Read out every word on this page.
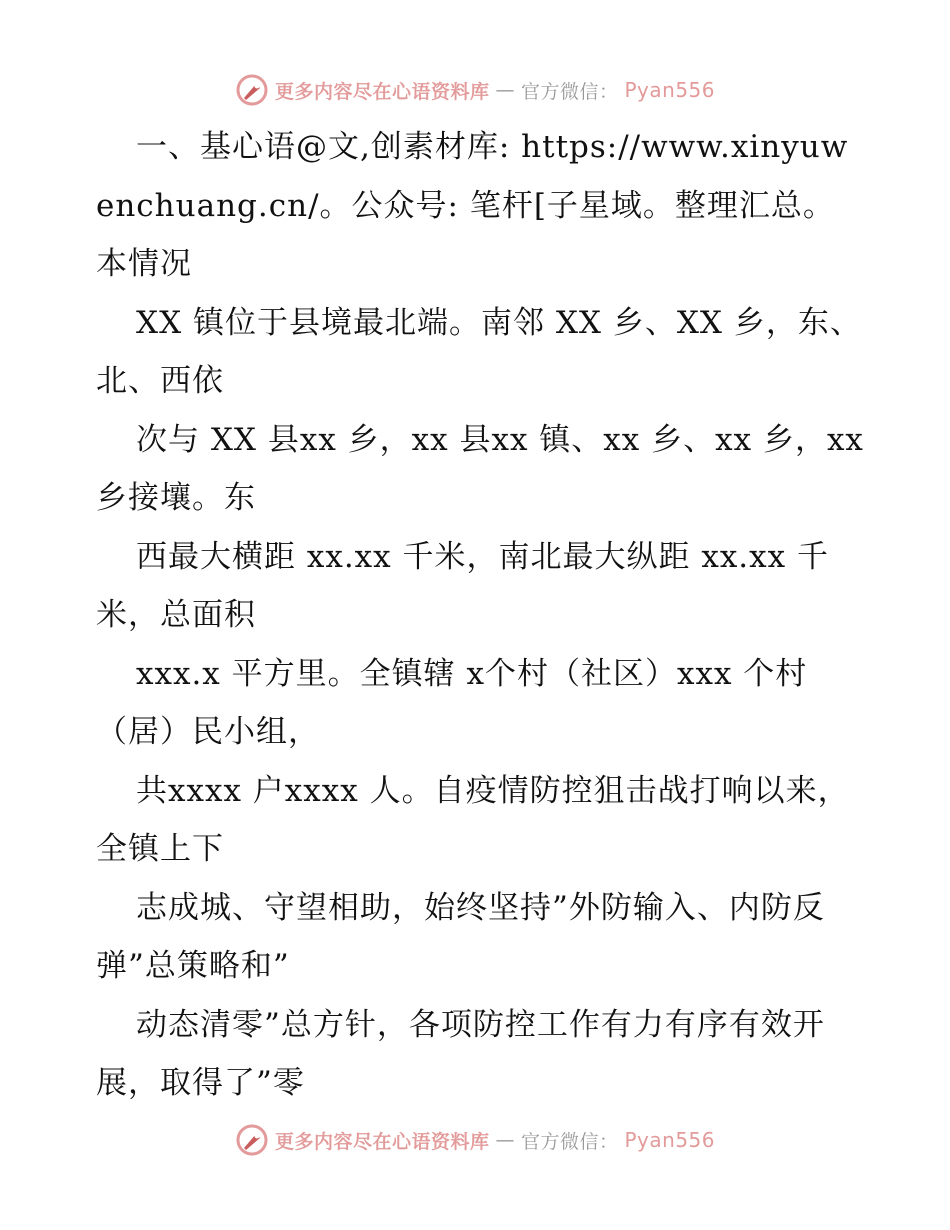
更多内容尽在心语资料库 — 官方微信： Pyan556

一、基心语@文,创素材库: https://www.xinyuwenchuang.cn/。公众号: 笔杆[子星域。整理汇总。本情况

XX 镇位于县境最北端。南邻 XX 乡、XX 乡，东、北、西依

次与 XX 县xx 乡，xx 县xx 镇、xx 乡、xx 乡，xx 乡接壤。东

西最大横距 xx.xx 千米，南北最大纵距 xx.xx 千米，总面积

xxx.x 平方里。全镇辖 x个村（社区）xxx 个村（居）民小组，

共xxxx 户xxxx 人。自疫情防控狙击战打响以来，全镇上下

志成城、守望相助，始终坚持”外防输入、内防反弹”总策略和”

动态清零”总方针，各项防控工作有力有序有效开展，取得了”零

更多内容尽在心语资料库 — 官方微信： Pyan556
